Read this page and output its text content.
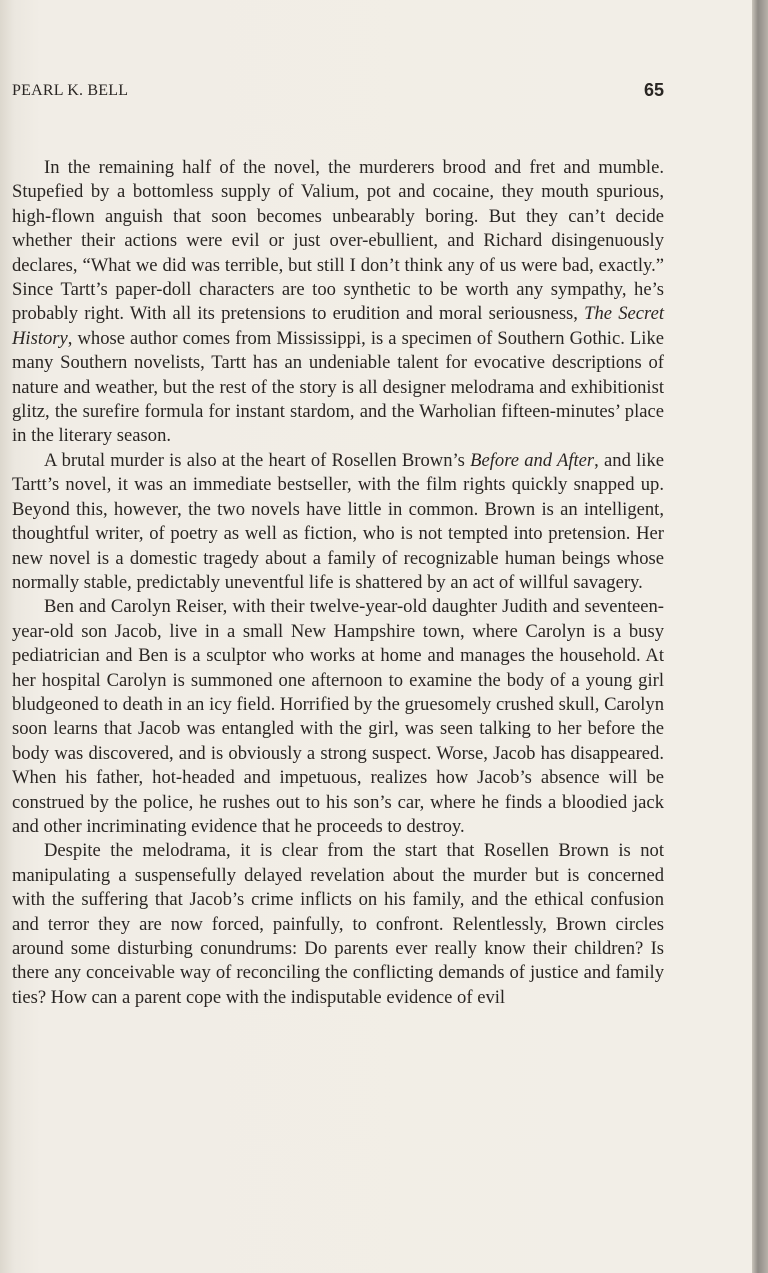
PEARL K. BELL	65

In the remaining half of the novel, the murderers brood and fret and mumble. Stupefied by a bottomless supply of Valium, pot and cocaine, they mouth spurious, high-flown anguish that soon becomes unbearably boring. But they can’t decide whether their actions were evil or just over-ebullient, and Richard disingenuously declares, “What we did was terrible, but still I don’t think any of us were bad, exactly.” Since Tartt’s paper-doll characters are too synthetic to be worth any sympathy, he’s probably right. With all its pretensions to erudition and moral seriousness, The Secret History, whose author comes from Mississippi, is a specimen of Southern Gothic. Like many Southern novelists, Tartt has an undeniable talent for evocative descriptions of nature and weather, but the rest of the story is all designer melodrama and exhibitionist glitz, the surefire formula for instant stardom, and the Warholian fifteen-minutes’ place in the literary season.

A brutal murder is also at the heart of Rosellen Brown’s Before and After, and like Tartt’s novel, it was an immediate bestseller, with the film rights quickly snapped up. Beyond this, however, the two novels have little in common. Brown is an intelligent, thoughtful writer, of poetry as well as fiction, who is not tempted into pretension. Her new novel is a domestic tragedy about a family of recognizable human beings whose normally stable, predictably uneventful life is shattered by an act of willful savagery.

Ben and Carolyn Reiser, with their twelve-year-old daughter Judith and seventeen-year-old son Jacob, live in a small New Hampshire town, where Carolyn is a busy pediatrician and Ben is a sculptor who works at home and manages the household. At her hospital Carolyn is summoned one afternoon to examine the body of a young girl bludgeoned to death in an icy field. Horrified by the gruesomely crushed skull, Carolyn soon learns that Jacob was entangled with the girl, was seen talking to her before the body was discovered, and is obviously a strong suspect. Worse, Jacob has disappeared. When his father, hot-headed and impetuous, realizes how Jacob’s absence will be construed by the police, he rushes out to his son’s car, where he finds a bloodied jack and other incriminating evidence that he proceeds to destroy.

Despite the melodrama, it is clear from the start that Rosellen Brown is not manipulating a suspensefully delayed revelation about the murder but is concerned with the suffering that Jacob’s crime inflicts on his family, and the ethical confusion and terror they are now forced, painfully, to confront. Relentlessly, Brown circles around some disturbing conundrums: Do parents ever really know their children? Is there any conceivable way of reconciling the conflicting demands of justice and family ties? How can a parent cope with the indisputable evidence of evil
